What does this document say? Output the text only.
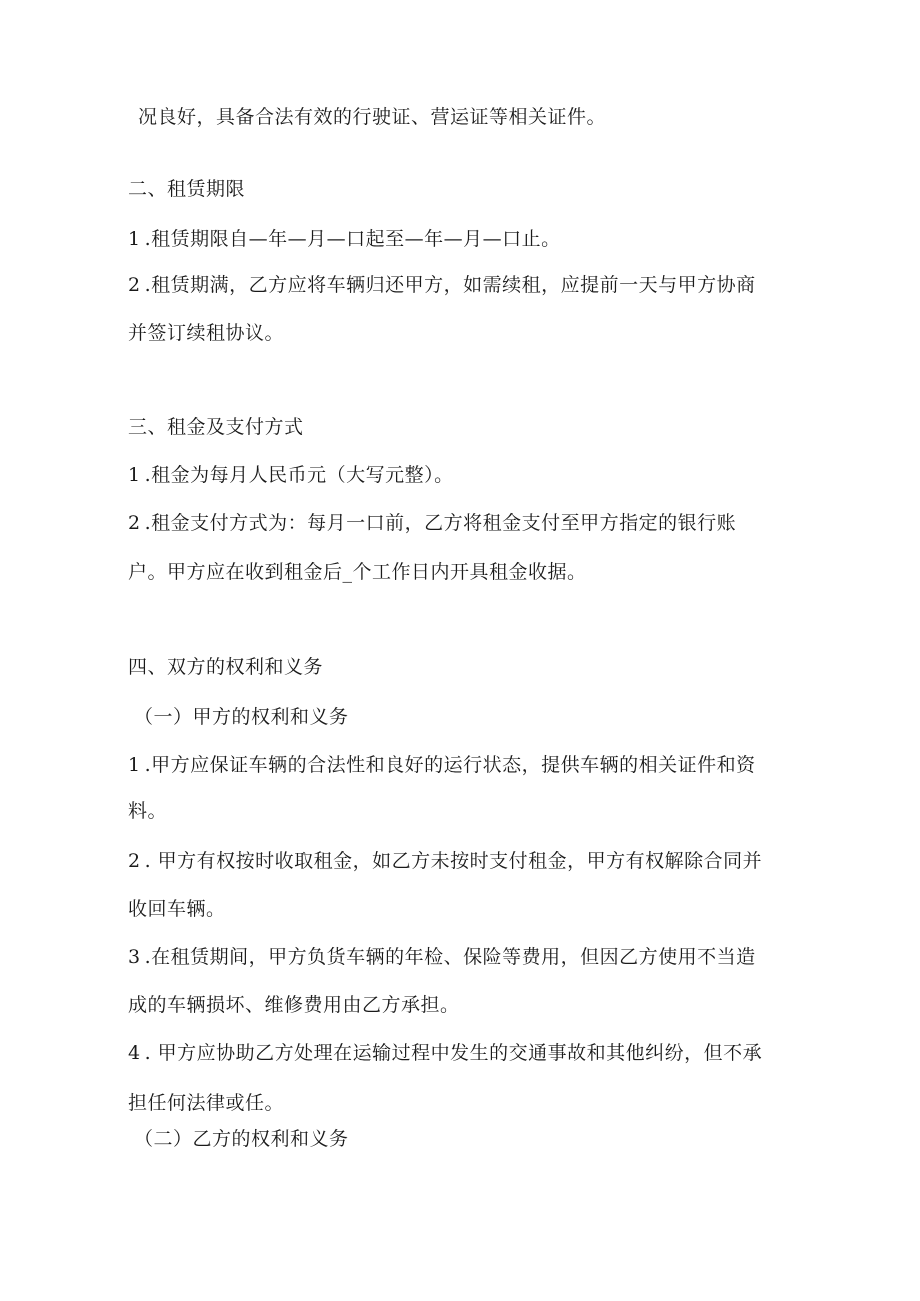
况良好，具备合法有效的行驶证、营运证等相关证件。
二、租赁期限
1 .租赁期限自—年—月—口起至—年—月—口止。
2 .租赁期满，乙方应将车辆归还甲方，如需续租，应提前一天与甲方协商
并签订续租协议。
三、租金及支付方式
1 .租金为每月人民币元（大写元整）。
2 .租金支付方式为：每月一口前，乙方将租金支付至甲方指定的银行账
户。甲方应在收到租金后_个工作日内开具租金收据。
四、双方的权利和义务
（一）甲方的权利和义务
1 .甲方应保证车辆的合法性和良好的运行状态，提供车辆的相关证件和资
料。
2 . 甲方有权按时收取租金，如乙方未按时支付租金，甲方有权解除合同并
收回车辆。
3 .在租赁期间，甲方负货车辆的年检、保险等费用，但因乙方使用不当造
成的车辆损坏、维修费用由乙方承担。
4 . 甲方应协助乙方处理在运输过程中发生的交通事故和其他纠纷，但不承
担任何法律或任。
（二）乙方的权利和义务
